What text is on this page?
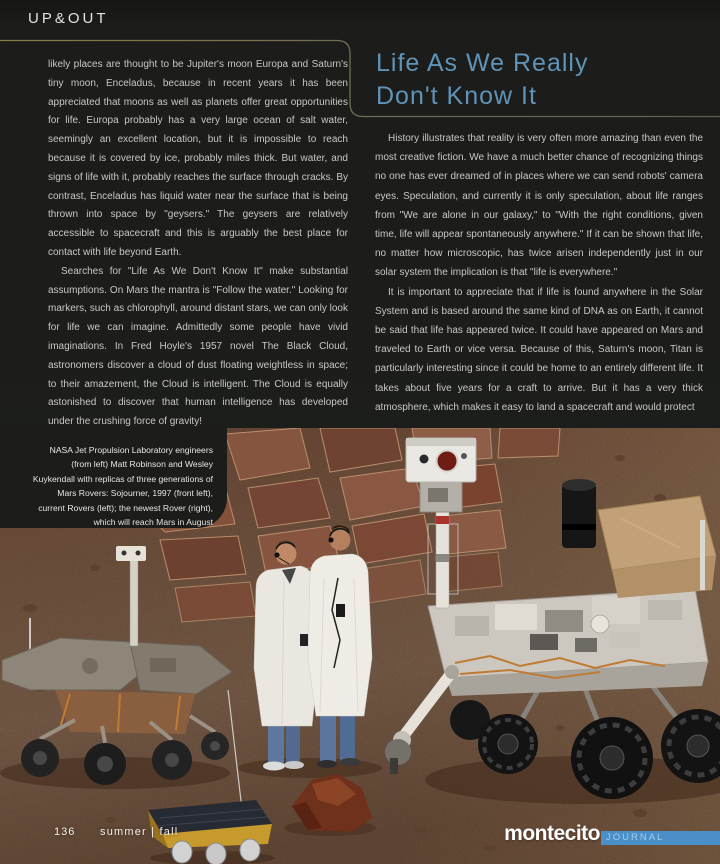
UP&OUT
Life As We Really
Don't Know It

likely places are thought to be Jupiter's moon Europa and Saturn's tiny moon, Enceladus, because in recent years it has been appreciated that moons as well as planets offer great opportunities for life. Europa probably has a very large ocean of salt water, seemingly an excellent location, but it is impossible to reach because it is covered by ice, probably miles thick. But water, and signs of life with it, probably reaches the surface through cracks. By contrast, Enceladus has liquid water near the surface that is being thrown into space by "geysers." The geysers are relatively accessible to spacecraft and this is arguably the best place for contact with life beyond Earth.

Searches for "Life As We Don't Know It" make substantial assumptions. On Mars the mantra is "Follow the water." Looking for markers, such as chlorophyll, around distant stars, we can only look for life we can imagine. Admittedly some people have vivid imaginations. In Fred Hoyle's 1957 novel The Black Cloud, astronomers discover a cloud of dust floating weightless in space; to their amazement, the Cloud is intelligent. The Cloud is equally astonished to discover that human intelligence has developed under the crushing force of gravity!

History illustrates that reality is very often more amazing than even the most creative fiction. We have a much better chance of recognizing things no one has ever dreamed of in places where we can send robots' camera eyes. Speculation, and currently it is only speculation, about life ranges from "We are alone in our galaxy," to "With the right conditions, given time, life will appear spontaneously anywhere." If it can be shown that life, no matter how microscopic, has twice arisen independently just in our solar system the implication is that "life is everywhere."

It is important to appreciate that if life is found anywhere in the Solar System and is based around the same kind of DNA as on Earth, it cannot be said that life has appeared twice. It could have appeared on Mars and traveled to Earth or vice versa. Because of this, Saturn's moon, Titan is particularly interesting since it could be home to an entirely different life. It takes about five years for a craft to arrive. But it has a very thick atmosphere, which makes it easy to land a spacecraft and would protect

NASA Jet Propulsion Laboratory engineers (from left) Matt Robinson and Wesley Kuykendall with replicas of three generations of Mars Rovers: Sojourner, 1997 (front left), current Rovers (left); the newest Rover (right), which will reach Mars in August
136 summer | fall	montecito JOURNAL
